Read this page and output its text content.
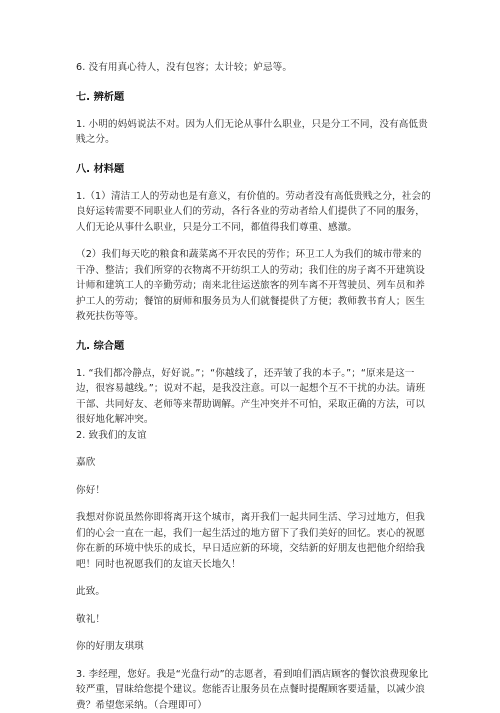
6. 没有用真心待人，没有包容；太计较；妒忌等。

七. 辨析题

1. 小明的妈妈说法不对。因为人们无论从事什么职业，只是分工不同，没有高低贵贱之分。

八. 材料题

1.（1）清洁工人的劳动也是有意义，有价值的。劳动者没有高低贵贱之分，社会的良好运转需要不同职业人们的劳动，各行各业的劳动者给人们提供了不同的服务，人们无论从事什么职业，只是分工不同，都值得我们尊重、感激。

（2）我们每天吃的粮食和蔬菜离不开农民的劳作；环卫工人为我们的城市带来的干净、整洁；我们所穿的衣物离不开纺织工人的劳动；我们住的房子离不开建筑设计师和建筑工人的辛勤劳动；南来北往运送旅客的列车离不开驾驶员、列车员和养护工人的劳动；餐馆的厨师和服务员为人们就餐提供了方便；教师教书育人；医生救死扶伤等等。

九. 综合题

1. “我们都冷静点，好好说。”；“你越线了，还弄皱了我的本子。”；“原来是这一边，很容易越线。”；说对不起，是我没注意。可以一起想个互不干扰的办法。请班干部、共同好友、老师等来帮助调解。产生冲突并不可怕，采取正确的方法，可以很好地化解冲突。

2. 致我们的友谊

嘉欣

你好！

我想对你说虽然你即将离开这个城市，离开我们一起共同生活、学习过地方，但我们的心会一直在一起，我们一起生活过的地方留下了我们美好的回忆。衷心的祝愿你在新的环境中快乐的成长，早日适应新的环境，交结新的好朋友也把他介绍给我吧！同时也祝愿我们的友谊天长地久！

此致。

敬礼！

你的好朋友琪琪

3. 李经理，您好。我是“光盘行动”的志愿者，看到咱们酒店顾客的餐饮浪费现象比较严重，冒昧给您提个建议。您能否让服务员在点餐时提醒顾客要适量，以减少浪费？希望您采纳。（合理即可）
